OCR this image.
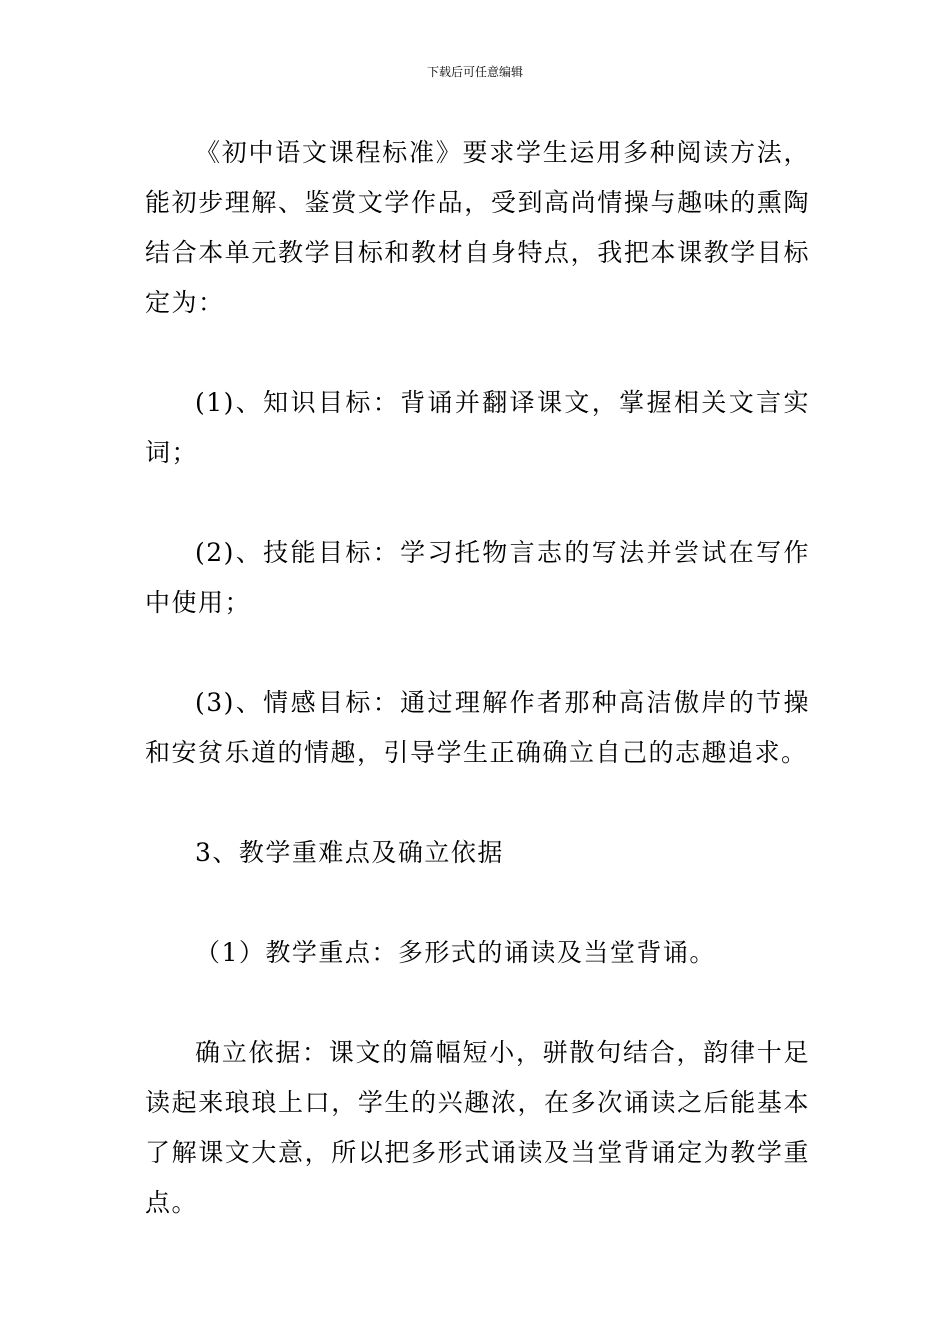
下载后可任意编辑

《初中语文课程标准》要求学生运用多种阅读方法，能初步理解、鉴赏文学作品，受到高尚情操与趣味的熏陶结合本单元教学目标和教材自身特点，我把本课教学目标定为：

(1)、知识目标：背诵并翻译课文，掌握相关文言实词；

(2)、技能目标：学习托物言志的写法并尝试在写作中使用；

(3)、情感目标：通过理解作者那种高洁傲岸的节操和安贫乐道的情趣，引导学生正确确立自己的志趣追求。

3、教学重难点及确立依据

（1）教学重点：多形式的诵读及当堂背诵。

确立依据：课文的篇幅短小，骈散句结合，韵律十足读起来琅琅上口，学生的兴趣浓，在多次诵读之后能基本了解课文大意，所以把多形式诵读及当堂背诵定为教学重点。
